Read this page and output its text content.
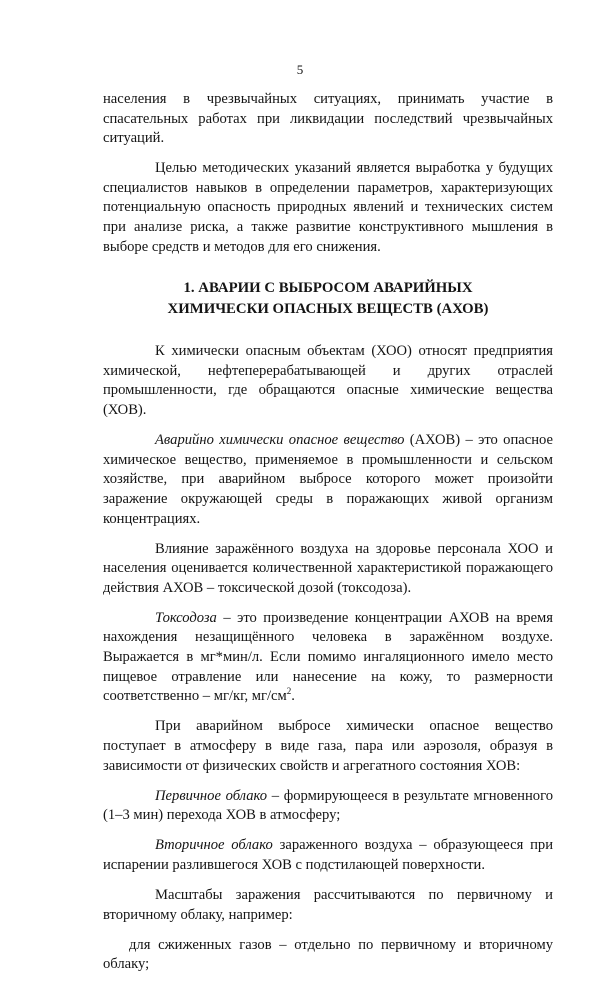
5

населения в чрезвычайных ситуациях, принимать участие в спасательных работах при ликвидации последствий чрезвычайных ситуаций.

Целью методических указаний является выработка у будущих специалистов навыков в определении параметров, характеризующих потенциальную опасность природных явлений и технических систем при анализе риска, а также развитие конструктивного мышления в выборе средств и методов для его снижения.

1. АВАРИИ С ВЫБРОСОМ АВАРИЙНЫХ
ХИМИЧЕСКИ ОПАСНЫХ ВЕЩЕСТВ (АХОВ)

К химически опасным объектам (ХОО) относят предприятия химической, нефтеперерабатывающей и других отраслей промышленности, где обращаются опасные химические вещества (ХОВ).

Аварийно химически опасное вещество (АХОВ) – это опасное химическое вещество, применяемое в промышленности и сельском хозяйстве, при аварийном выбросе которого может произойти заражение окружающей среды в поражающих живой организм концентрациях.

Влияние заражённого воздуха на здоровье персонала ХОО и населения оценивается количественной характеристикой поражающего действия АХОВ – токсической дозой (токсодоза).

Токсодоза – это произведение концентрации АХОВ на время нахождения незащищённого человека в заражённом воздухе. Выражается в мг*мин/л. Если помимо ингаляционного имело место пищевое отравление или нанесение на кожу, то размерности соответственно – мг/кг, $мг/см^2$.

При аварийном выбросе химически опасное вещество поступает в атмосферу в виде газа, пара или аэрозоля, образуя в зависимости от физических свойств и агрегатного состояния ХОВ:

Первичное облако – формирующееся в результате мгновенного (1–3 мин) перехода ХОВ в атмосферу;

Вторичное облако зараженного воздуха – образующееся при испарении разлившегося ХОВ с подстилающей поверхности.

Масштабы заражения рассчитываются по первичному и вторичному облаку, например:

для сжиженных газов – отдельно по первичному и вторичному облаку;
